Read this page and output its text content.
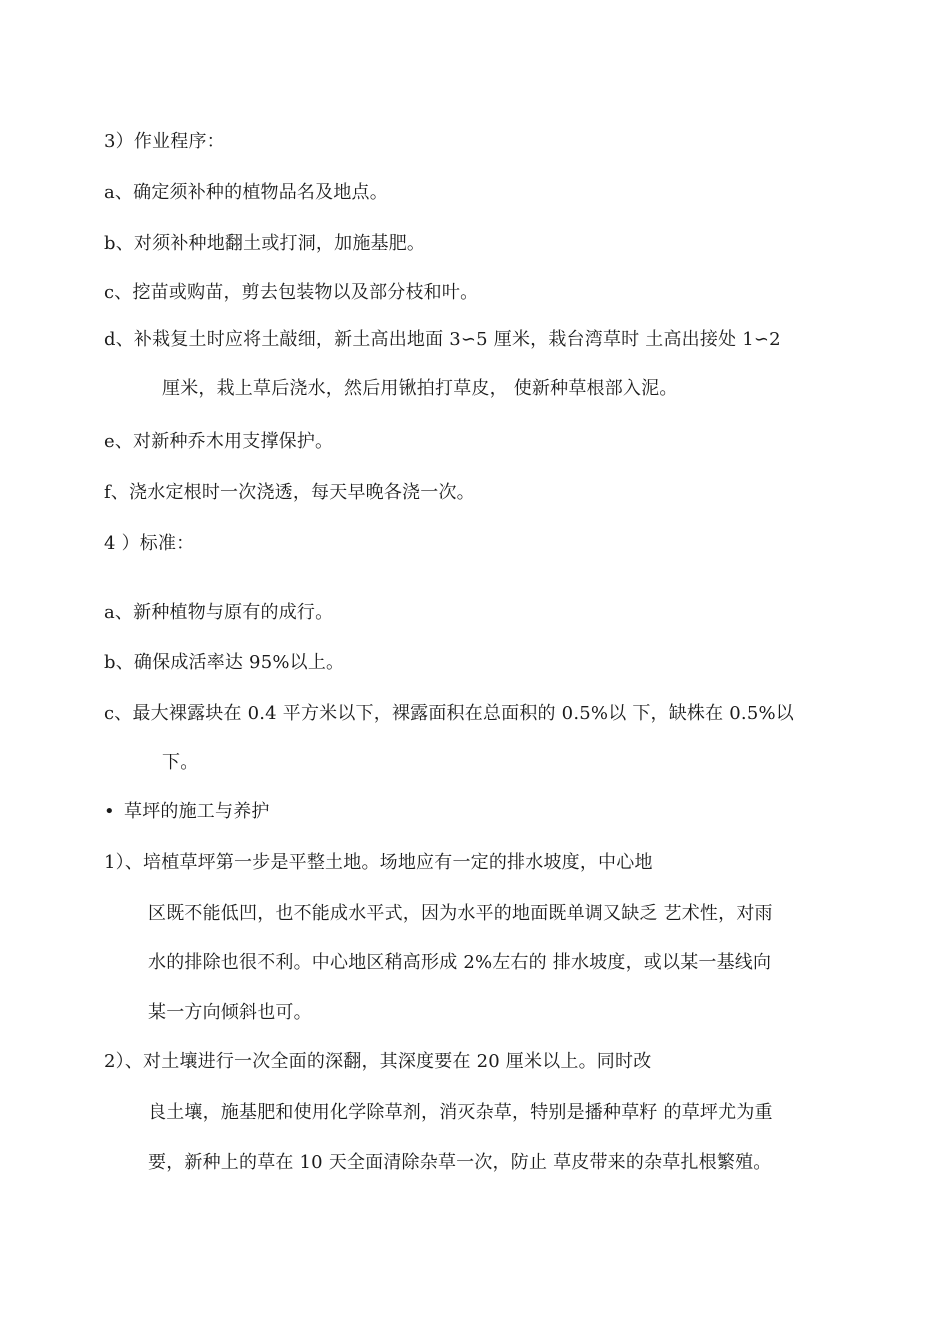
3）作业程序：

a、确定须补种的植物品名及地点。

b、对须补种地翻土或打洞，加施基肥。

c、挖苗或购苗，剪去包装物以及部分枝和叶。

d、补栽复土时应将土敲细，新土高出地面 3∽5 厘米，栽台湾草时 土高出接处 1∽2

厘米，栽上草后浇水，然后用锹拍打草皮， 使新种草根部入泥。

e、对新种乔木用支撑保护。

f、浇水定根时一次浇透，每天早晚各浇一次。

4 ）标准：

a、新种植物与原有的成行。

b、确保成活率达 95%以上。

c、最大裸露块在 0.4 平方米以下，裸露面积在总面积的 0.5%以 下，缺株在 0.5%以

下。

• 草坪的施工与养护

1）、培植草坪第一步是平整土地。场地应有一定的排水坡度，中心地

区既不能低凹，也不能成水平式，因为水平的地面既单调又缺乏 艺术性，对雨

水的排除也很不利。中心地区稍高形成 2%左右的 排水坡度，或以某一基线向

某一方向倾斜也可。

2）、对土壤进行一次全面的深翻，其深度要在 20 厘米以上。同时改

良土壤，施基肥和使用化学除草剂，消灭杂草，特别是播种草籽 的草坪尤为重

要，新种上的草在 10 天全面清除杂草一次，防止 草皮带来的杂草扎根繁殖。
